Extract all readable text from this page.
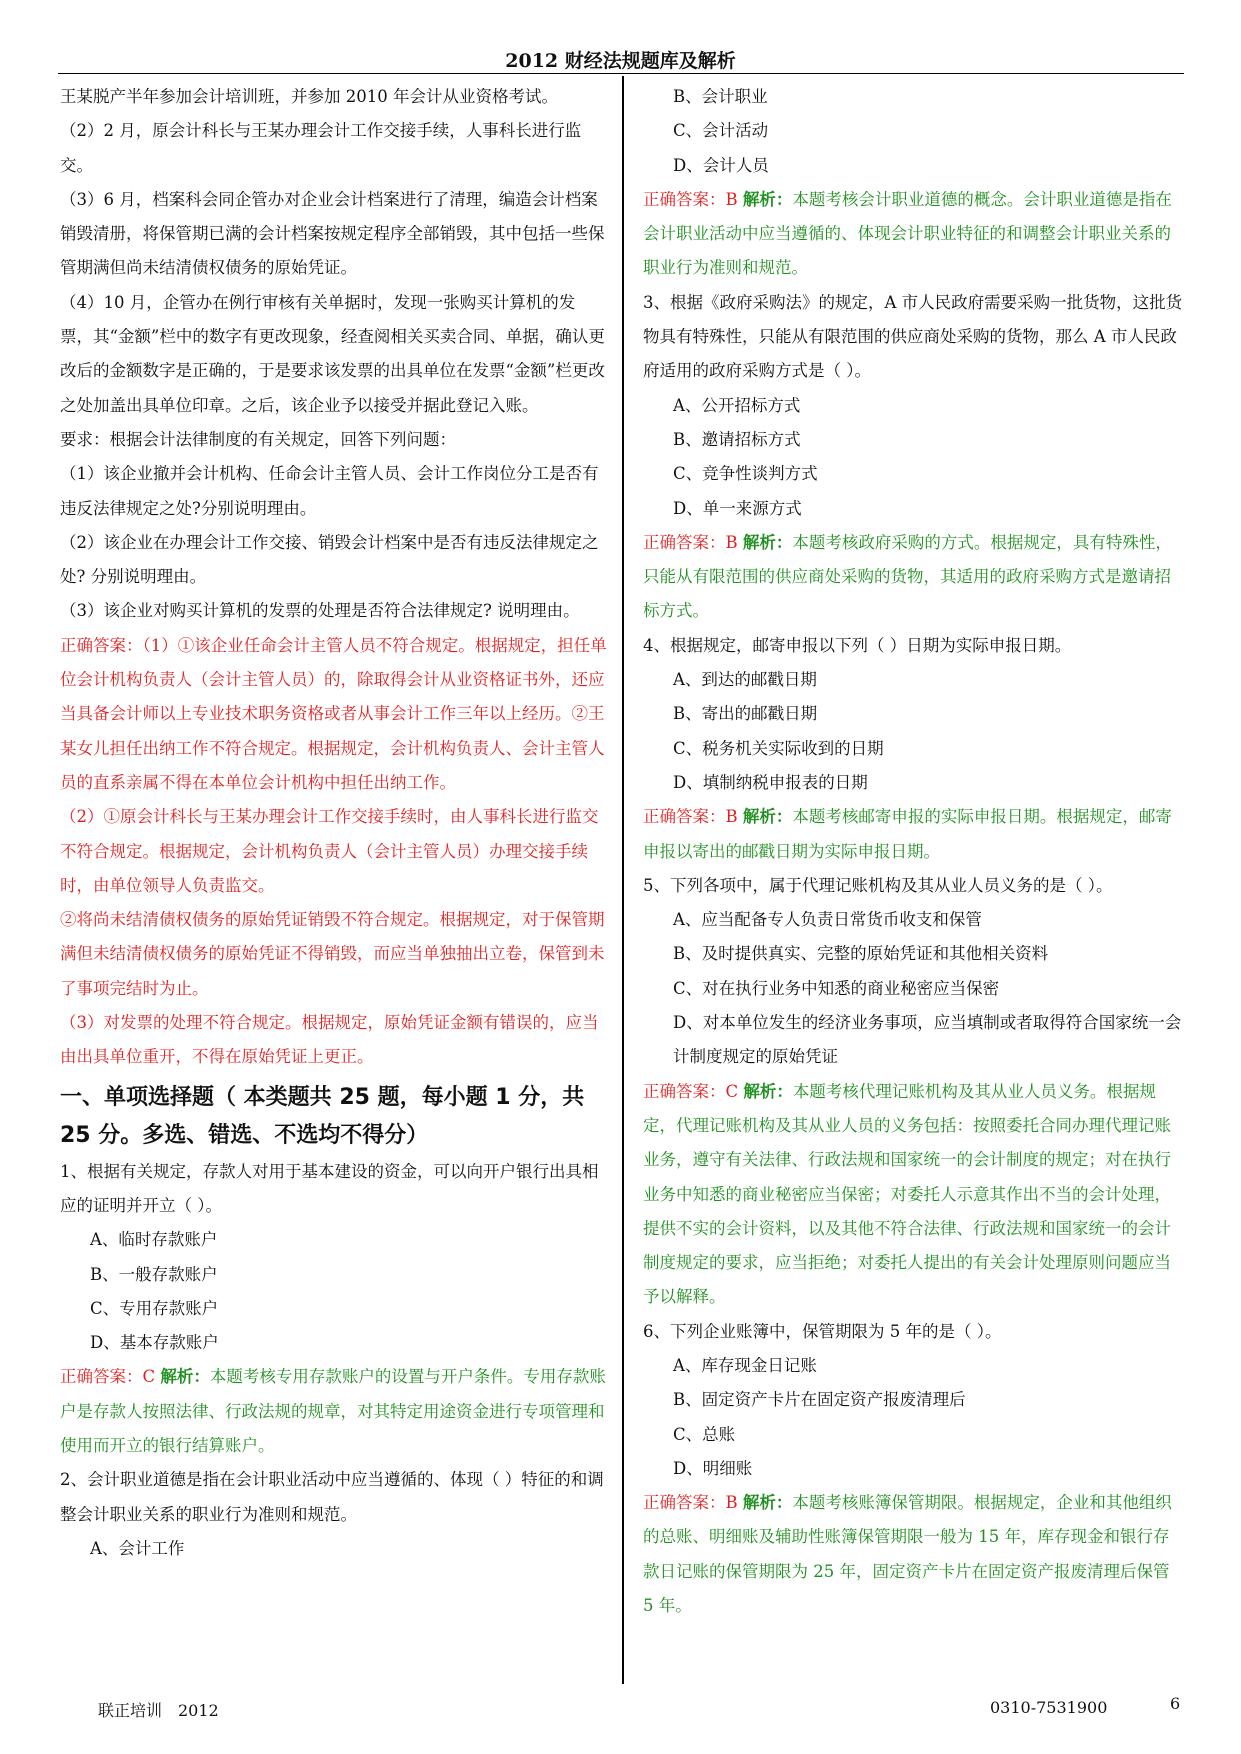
2012 财经法规题库及解析

王某脱产半年参加会计培训班，并参加 2010 年会计从业资格考试。

（2）2 月，原会计科长与王某办理会计工作交接手续，人事科长进行监交。

（3）6 月，档案科会同企管办对企业会计档案进行了清理，编造会计档案销毁清册，将保管期已满的会计档案按规定程序全部销毁，其中包括一些保管期满但尚未结清债权债务的原始凭证。

（4）10 月，企管办在例行审核有关单据时，发现一张购买计算机的发票，其“金额”栏中的数字有更改现象，经查阅相关买卖合同、单据，确认更改后的金额数字是正确的，于是要求该发票的出具单位在发票“金额”栏更改之处加盖出具单位印章。之后，该企业予以接受并据此登记入账。

要求：根据会计法律制度的有关规定，回答下列问题：

（1）该企业撤并会计机构、任命会计主管人员、会计工作岗位分工是否有违反法律规定之处?分别说明理由。

（2）该企业在办理会计工作交接、销毁会计档案中是否有违反法律规定之处? 分别说明理由。

（3）该企业对购买计算机的发票的处理是否符合法律规定? 说明理由。

正确答案：（1）①该企业任命会计主管人员不符合规定。根据规定，担任单位会计机构负责人（会计主管人员）的，除取得会计从业资格证书外，还应当具备会计师以上专业技术职务资格或者从事会计工作三年以上经历。②王某女儿担任出纳工作不符合规定。根据规定，会计机构负责人、会计主管人员的直系亲属不得在本单位会计机构中担任出纳工作。

（2）①原会计科长与王某办理会计工作交接手续时，由人事科长进行监交不符合规定。根据规定，会计机构负责人（会计主管人员）办理交接手续时，由单位领导人负责监交。

②将尚未结清债权债务的原始凭证销毁不符合规定。根据规定，对于保管期满但未结清债权债务的原始凭证不得销毁，而应当单独抽出立卷，保管到未了事项完结时为止。

（3）对发票的处理不符合规定。根据规定，原始凭证金额有错误的，应当由出具单位重开，不得在原始凭证上更正。

一、单项选择题（ 本类题共 25 题，每小题 1 分，共 25 分。多选、错选、不选均不得分）

1、根据有关规定，存款人对用于基本建设的资金，可以向开户银行出具相应的证明并开立（ ）。

A、临时存款账户

B、一般存款账户

C、专用存款账户

D、基本存款账户

正确答案：C 解析：本题考核专用存款账户的设置与开户条件。专用存款账户是存款人按照法律、行政法规的规章，对其特定用途资金进行专项管理和使用而开立的银行结算账户。

2、会计职业道德是指在会计职业活动中应当遵循的、体现（ ）特征的和调整会计职业关系的职业行为准则和规范。

A、会计工作

B、会计职业

C、会计活动

D、会计人员

正确答案：B 解析：本题考核会计职业道德的概念。会计职业道德是指在会计职业活动中应当遵循的、体现会计职业特征的和调整会计职业关系的职业行为准则和规范。

3、根据《政府采购法》的规定，A 市人民政府需要采购一批货物，这批货物具有特殊性，只能从有限范围的供应商处采购的货物，那么 A 市人民政府适用的政府采购方式是（ ）。

A、公开招标方式

B、邀请招标方式

C、竞争性谈判方式

D、单一来源方式

正确答案：B 解析：本题考核政府采购的方式。根据规定，具有特殊性，只能从有限范围的供应商处采购的货物，其适用的政府采购方式是邀请招标方式。

4、根据规定，邮寄申报以下列（ ）日期为实际申报日期。

A、到达的邮戳日期

B、寄出的邮戳日期

C、税务机关实际收到的日期

D、填制纳税申报表的日期

正确答案：B 解析：本题考核邮寄申报的实际申报日期。根据规定，邮寄申报以寄出的邮戳日期为实际申报日期。

5、下列各项中，属于代理记账机构及其从业人员义务的是（ ）。

A、应当配备专人负责日常货币收支和保管

B、及时提供真实、完整的原始凭证和其他相关资料

C、对在执行业务中知悉的商业秘密应当保密

D、对本单位发生的经济业务事项，应当填制或者取得符合国家统一会计制度规定的原始凭证

正确答案：C 解析：本题考核代理记账机构及其从业人员义务。根据规定，代理记账机构及其从业人员的义务包括：按照委托合同办理代理记账业务，遵守有关法律、行政法规和国家统一的会计制度的规定；对在执行业务中知悉的商业秘密应当保密；对委托人示意其作出不当的会计处理，提供不实的会计资料，以及其他不符合法律、行政法规和国家统一的会计制度规定的要求，应当拒绝；对委托人提出的有关会计处理原则问题应当予以解释。

6、下列企业账簿中，保管期限为 5 年的是（ ）。

A、库存现金日记账

B、固定资产卡片在固定资产报废清理后

C、总账

D、明细账

正确答案：B 解析：本题考核账簿保管期限。根据规定，企业和其他组织的总账、明细账及辅助性账簿保管期限一般为 15 年，库存现金和银行存款日记账的保管期限为 25 年，固定资产卡片在固定资产报废清理后保管 5 年。

联正培训　2012	0310-7531900	6
